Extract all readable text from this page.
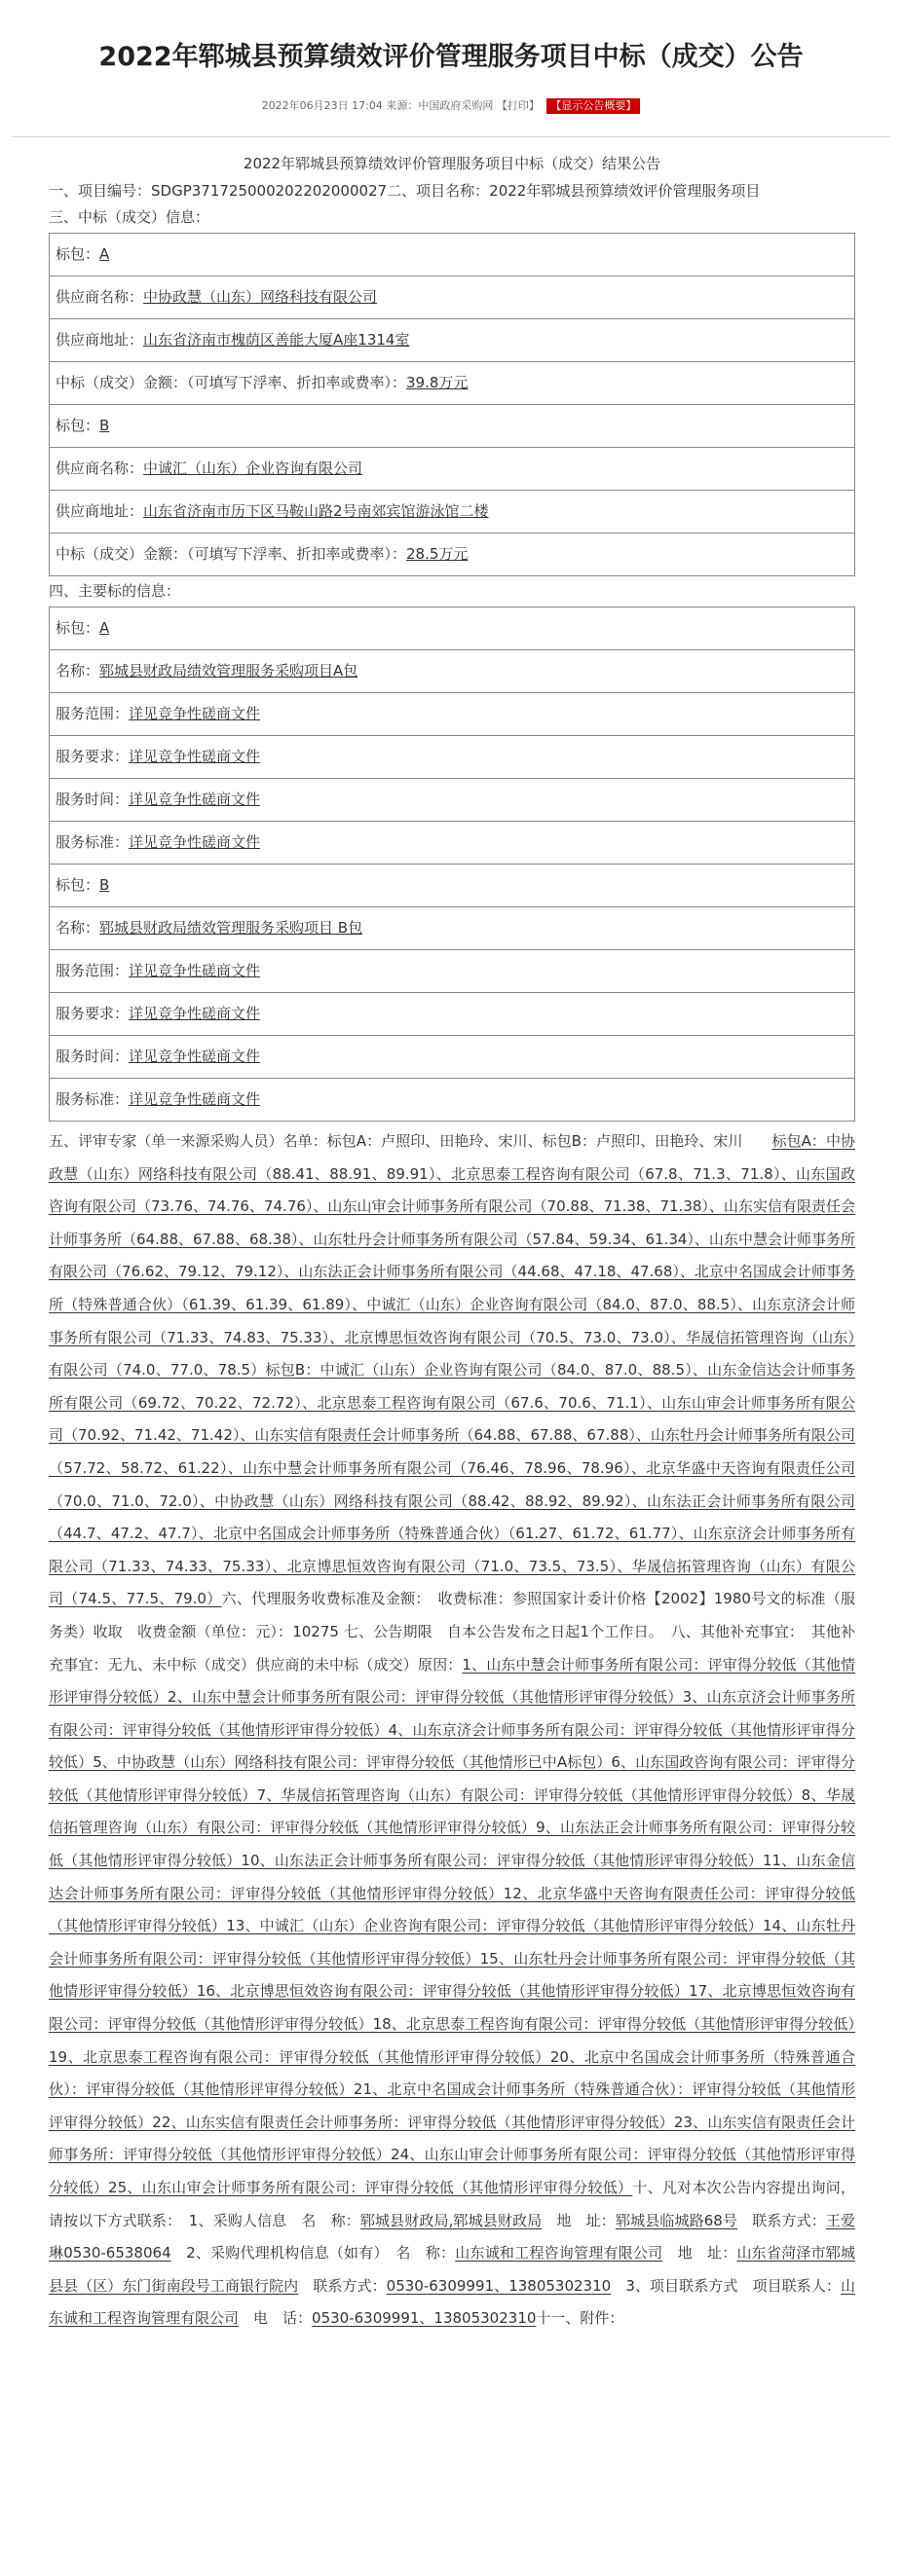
2022年郓城县预算绩效评价管理服务项目中标（成交）公告
2022年06月23日 17:04 来源：中国政府采购网 【打印】 【显示公告概要】
2022年郓城县预算绩效评价管理服务项目中标（成交）结果公告
一、项目编号：SDGP371725000202202000027二、项目名称：2022年郓城县预算绩效评价管理服务项目
三、中标（成交）信息：
标包：A
供应商名称：中协政慧（山东）网络科技有限公司
供应商地址：山东省济南市槐荫区善能大厦A座1314室
中标（成交）金额：（可填写下浮率、折扣率或费率）：39.8万元
标包：B
供应商名称：中诚汇（山东）企业咨询有限公司
供应商地址：山东省济南市历下区马鞍山路2号南郊宾馆游泳馆二楼
中标（成交）金额：（可填写下浮率、折扣率或费率）：28.5万元
四、主要标的信息：
标包：A
名称：郓城县财政局绩效管理服务采购项目A包
服务范围：详见竞争性磋商文件
服务要求：详见竞争性磋商文件
服务时间：详见竞争性磋商文件
服务标准：详见竞争性磋商文件
标包：B
名称：郓城县财政局绩效管理服务采购项目 B包
服务范围：详见竞争性磋商文件
服务要求：详见竞争性磋商文件
服务时间：详见竞争性磋商文件
服务标准：详见竞争性磋商文件
五、评审专家（单一来源采购人员）名单：标包A：卢照印、田艳玲、宋川、标包B：卢照印、田艳玲、宋川　　标包A：中协政慧（山东）网络科技有限公司（88.41、88.91、89.91）、北京思泰工程咨询有限公司（67.8、71.3、71.8）、山东国政咨询有限公司（73.76、74.76、74.76）、山东山审会计师事务所有限公司（70.88、71.38、71.38）、山东实信有限责任会计师事务所（64.88、67.88、68.38）、山东牡丹会计师事务所有限公司（57.84、59.34、61.34）、山东中慧会计师事务所有限公司（76.62、79.12、79.12）、山东法正会计师事务所有限公司（44.68、47.18、47.68）、北京中名国成会计师事务所（特殊普通合伙）（61.39、61.39、61.89）、中诚汇（山东）企业咨询有限公司（84.0、87.0、88.5）、山东京济会计师事务所有限公司（71.33、74.83、75.33）、北京博思恒效咨询有限公司（70.5、73.0、73.0）、华晟信拓管理咨询（山东）有限公司（74.0、77.0、78.5）标包B：中诚汇（山东）企业咨询有限公司（84.0、87.0、88.5）、山东金信达会计师事务所有限公司（69.72、70.22、72.72）、北京思泰工程咨询有限公司（67.6、70.6、71.1）、山东山审会计师事务所有限公司（70.92、71.42、71.42）、山东实信有限责任会计师事务所（64.88、67.88、67.88）、山东牡丹会计师事务所有限公司（57.72、58.72、61.22）、山东中慧会计师事务所有限公司（76.46、78.96、78.96）、北京华盛中天咨询有限责任公司（70.0、71.0、72.0）、中协政慧（山东）网络科技有限公司（88.42、88.92、89.92）、山东法正会计师事务所有限公司（44.7、47.2、47.7）、北京中名国成会计师事务所（特殊普通合伙）（61.27、61.72、61.77）、山东京济会计师事务所有限公司（71.33、74.33、75.33）、北京博思恒效咨询有限公司（71.0、73.5、73.5）、华晟信拓管理咨询（山东）有限公司（74.5、77.5、79.0）六、代理服务收费标准及金额：　收费标准：参照国家计委计价格【2002】1980号文的标准（服务类）收取　收费金额（单位：元）：10275 七、公告期限　自本公告发布之日起1个工作日。　八、其他补充事宜：　其他补充事宜：无九、未中标（成交）供应商的未中标（成交）原因：1、山东中慧会计师事务所有限公司：评审得分较低（其他情形评审得分较低）2、山东中慧会计师事务所有限公司：评审得分较低（其他情形评审得分较低）3、山东京济会计师事务所有限公司：评审得分较低（其他情形评审得分较低）4、山东京济会计师事务所有限公司：评审得分较低（其他情形评审得分较低）5、中协政慧（山东）网络科技有限公司：评审得分较低（其他情形已中A标包）6、山东国政咨询有限公司：评审得分较低（其他情形评审得分较低）7、华晟信拓管理咨询（山东）有限公司：评审得分较低（其他情形评审得分较低）8、华晟信拓管理咨询（山东）有限公司：评审得分较低（其他情形评审得分较低）9、山东法正会计师事务所有限公司：评审得分较低（其他情形评审得分较低）10、山东法正会计师事务所有限公司：评审得分较低（其他情形评审得分较低）11、山东金信达会计师事务所有限公司：评审得分较低（其他情形评审得分较低）12、北京华盛中天咨询有限责任公司：评审得分较低（其他情形评审得分较低）13、中诚汇（山东）企业咨询有限公司：评审得分较低（其他情形评审得分较低）14、山东牡丹会计师事务所有限公司：评审得分较低（其他情形评审得分较低）15、山东牡丹会计师事务所有限公司：评审得分较低（其他情形评审得分较低）16、北京博思恒效咨询有限公司：评审得分较低（其他情形评审得分较低）17、北京博思恒效咨询有限公司：评审得分较低（其他情形评审得分较低）18、北京思泰工程咨询有限公司：评审得分较低（其他情形评审得分较低）19、北京思泰工程咨询有限公司：评审得分较低（其他情形评审得分较低）20、北京中名国成会计师事务所（特殊普通合伙）：评审得分较低（其他情形评审得分较低）21、北京中名国成会计师事务所（特殊普通合伙）：评审得分较低（其他情形评审得分较低）22、山东实信有限责任会计师事务所：评审得分较低（其他情形评审得分较低）23、山东实信有限责任会计师事务所：评审得分较低（其他情形评审得分较低）24、山东山审会计师事务所有限公司：评审得分较低（其他情形评审得分较低）25、山东山审会计师事务所有限公司：评审得分较低（其他情形评审得分较低）十、凡对本次公告内容提出询问，请按以下方式联系：　1、采购人信息　名　称：郓城县财政局,郓城县财政局　地　址：郓城县临城路68号　联系方式：王爱琳0530-6538064　2、采购代理机构信息（如有）　名　称：山东诚和工程咨询管理有限公司　地　址：山东省菏泽市郓城县县（区）东门街南段号工商银行院内　联系方式：0530-6309991、13805302310　3、项目联系方式　项目联系人：山东诚和工程咨询管理有限公司　电　话：0530-6309991、13805302310十一、附件：
